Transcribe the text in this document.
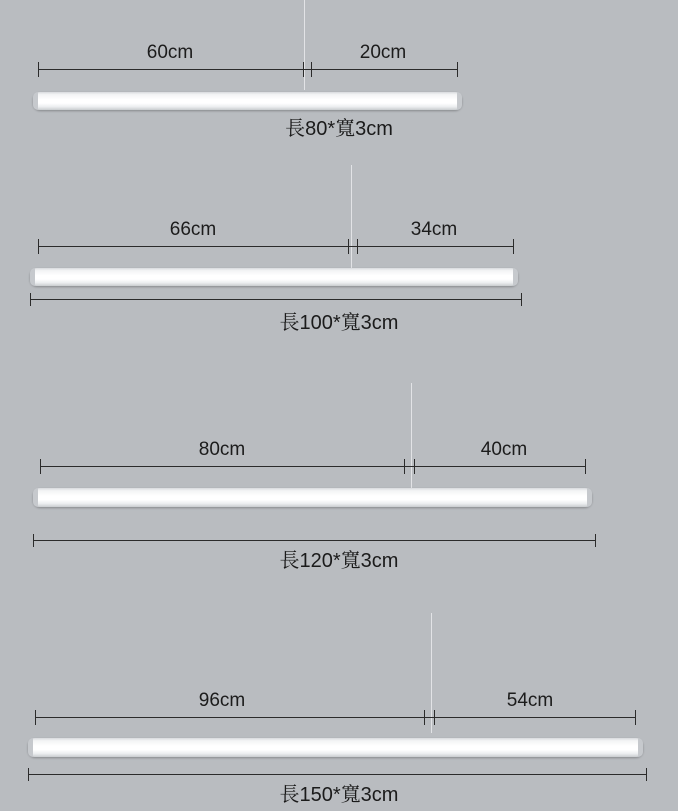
60cm	20cm
長80*寬3cm
66cm	34cm
長100*寬3cm
80cm	40cm
長120*寬3cm
96cm	54cm
長150*寬3cm
